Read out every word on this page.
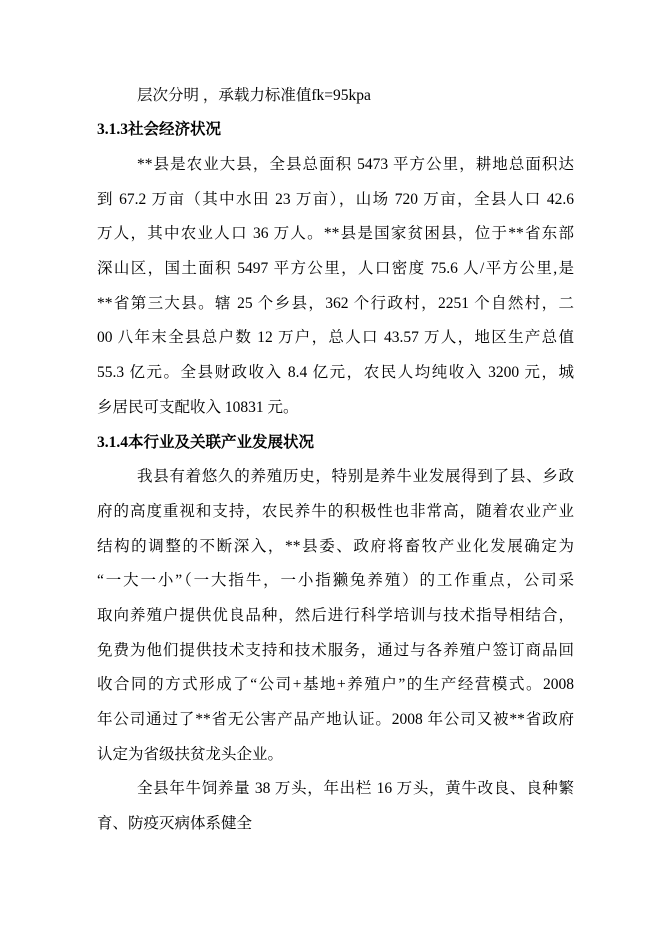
层次分明 ，承载力标准值fk=95kpa
3.1.3社会经济状况
**县是农业大县，全县总面积 5473 平方公里，耕地总面积达
到 67.2 万亩（其中水田 23 万亩），山场 720 万亩，全县人口 42.6
万人，其中农业人口 36 万人。**县是国家贫困县，位于**省东部
深山区，国土面积 5497 平方公里，人口密度 75.6 人/平方公里,是
**省第三大县。辖 25 个乡县，362 个行政村，2251 个自然村，二
00 八年末全县总户数 12 万户，总人口 43.57 万人，地区生产总值
55.3 亿元。全县财政收入 8.4 亿元，农民人均纯收入 3200 元，城
乡居民可支配收入 10831 元。
3.1.4本行业及关联产业发展状况
我县有着悠久的养殖历史，特别是养牛业发展得到了县、乡政
府的高度重视和支持，农民养牛的积极性也非常高，随着农业产业
结构的调整的不断深入，**县委、政府将畜牧产业化发展确定为
“一大一小”（一大指牛，一小指獭兔养殖）的工作重点，公司采
取向养殖户提供优良品种，然后进行科学培训与技术指导相结合，
免费为他们提供技术支持和技术服务，通过与各养殖户签订商品回
收合同的方式形成了“公司+基地+养殖户”的生产经营模式。2008
年公司通过了**省无公害产品产地认证。2008 年公司又被**省政府
认定为省级扶贫龙头企业。
全县年牛饲养量 38 万头，年出栏 16 万头，黄牛改良、良种繁
育、防疫灭病体系健全
